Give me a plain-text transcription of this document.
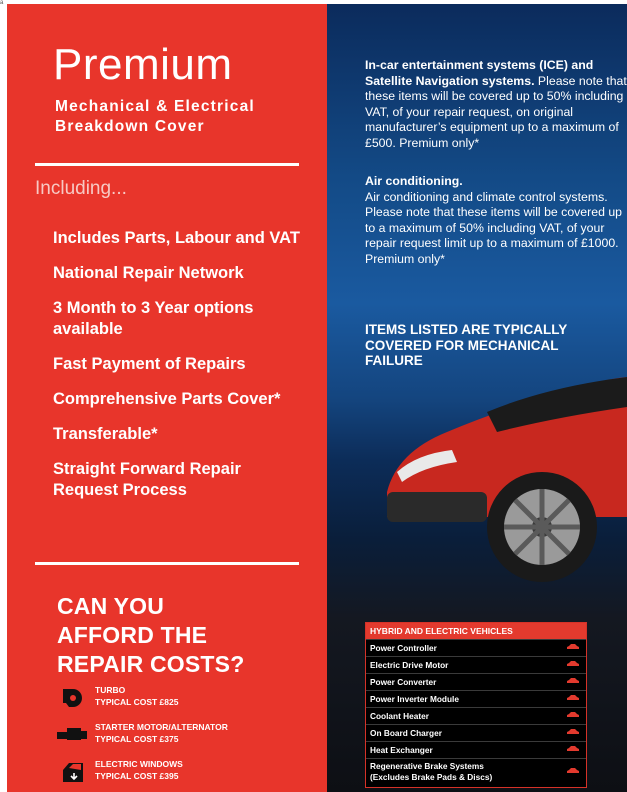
a
Premium
Mechanical & Electrical
Breakdown Cover
Including...
Includes Parts, Labour and VAT
National Repair Network
3 Month to 3 Year options available
Fast Payment of Repairs
Comprehensive Parts Cover*
Transferable*
Straight Forward Repair Request Process
CAN YOU
AFFORD THE
REPAIR COSTS?
TURBO
TYPICAL COST £825
STARTER MOTOR/ALTERNATOR
TYPICAL COST £375
ELECTRIC WINDOWS
TYPICAL COST £395
In-car entertainment systems (ICE) and Satellite Navigation systems. Please note that these items will be covered up to 50% including VAT, of your repair request, on original manufacturer’s equipment up to a maximum of £500. Premium only*
Air conditioning.
Air conditioning and climate control systems. Please note that these items will be covered up to a maximum of 50% including VAT, of your repair request limit up to a maximum of £1000. Premium only*
ITEMS LISTED ARE TYPICALLY COVERED FOR MECHANICAL FAILURE
HYBRID AND ELECTRIC VEHICLES
Power Controller
Electric Drive Motor
Power Converter
Power Inverter Module
Coolant Heater
On Board Charger
Heat Exchanger
Regenerative Brake Systems
(Excludes Brake Pads & Discs)
